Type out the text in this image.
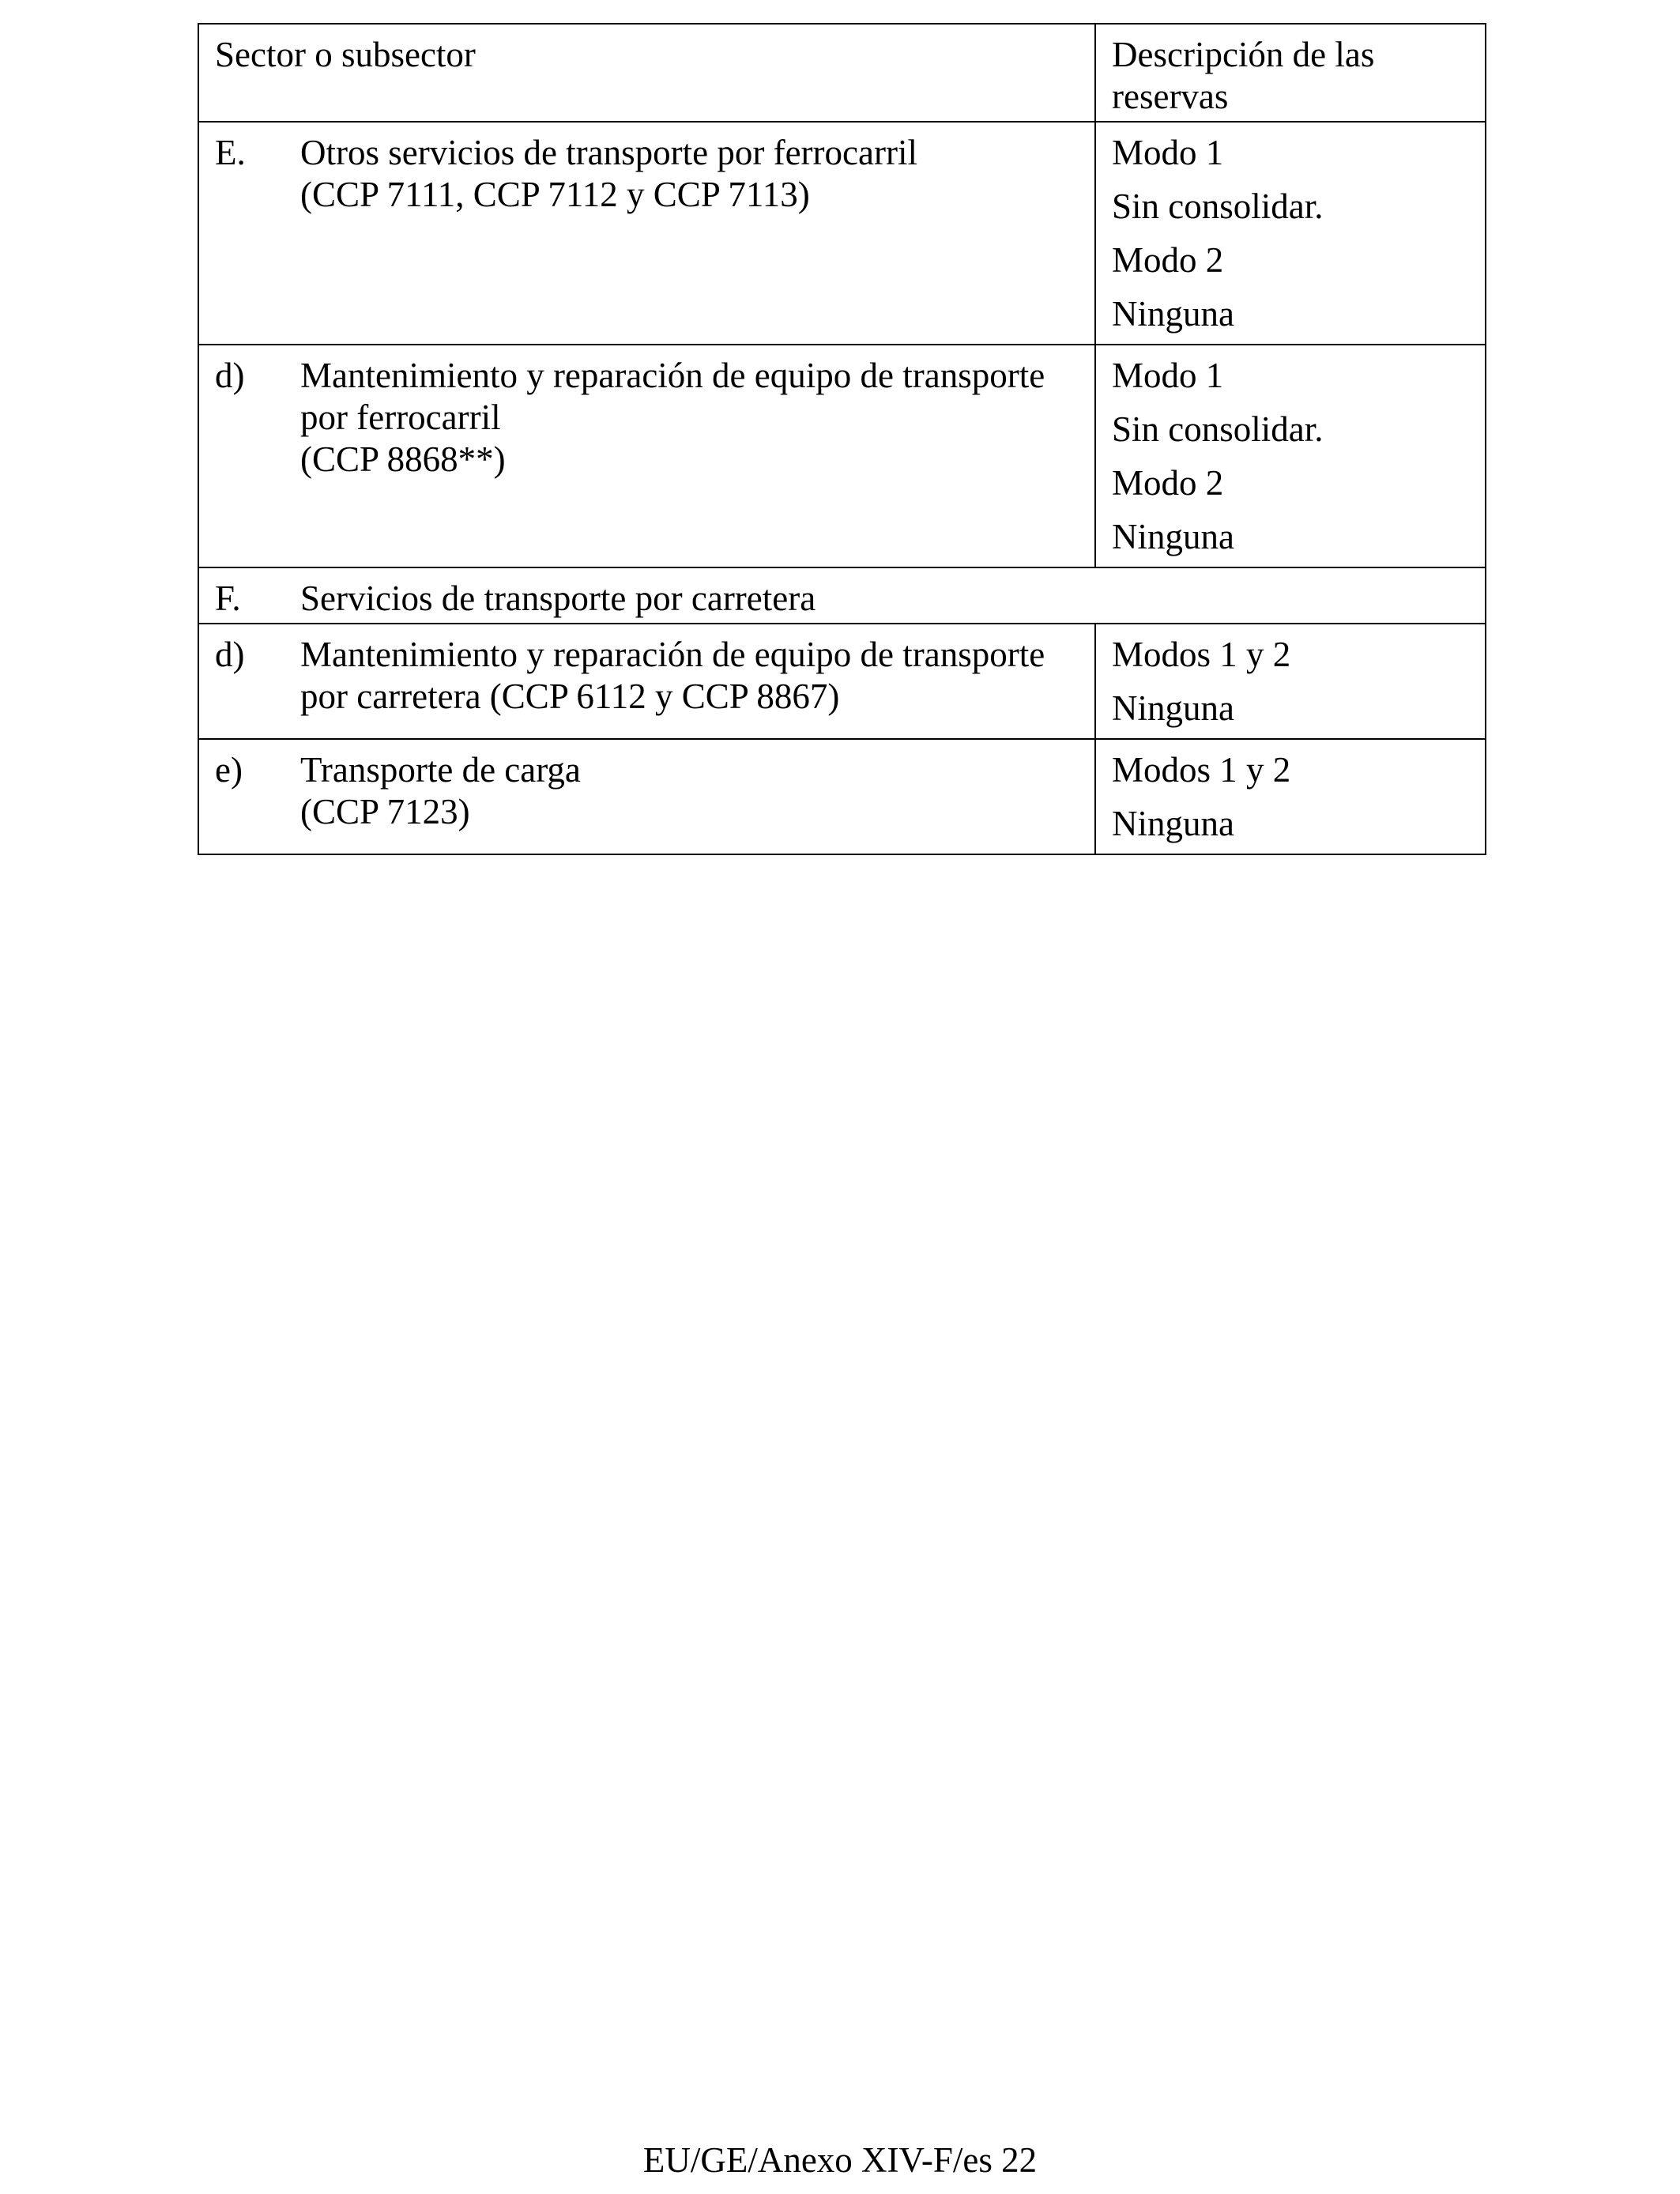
Sector o subsector	Descripción de las
reservas

E. Otros servicios de transporte por ferrocarril
(CCP 7111, CCP 7112 y CCP 7113)	Modo 1
Sin consolidar.
Modo 2
Ninguna

d) Mantenimiento y reparación de equipo de transporte
por ferrocarril
(CCP 8868**)	Modo 1
Sin consolidar.
Modo 2
Ninguna

F. Servicios de transporte por carretera	

d) Mantenimiento y reparación de equipo de transporte
por carretera (CCP 6112 y CCP 8867)	Modos 1 y 2
Ninguna

e) Transporte de carga
(CCP 7123)	Modos 1 y 2
Ninguna
EU/GE/Anexo XIV-F/es 22
